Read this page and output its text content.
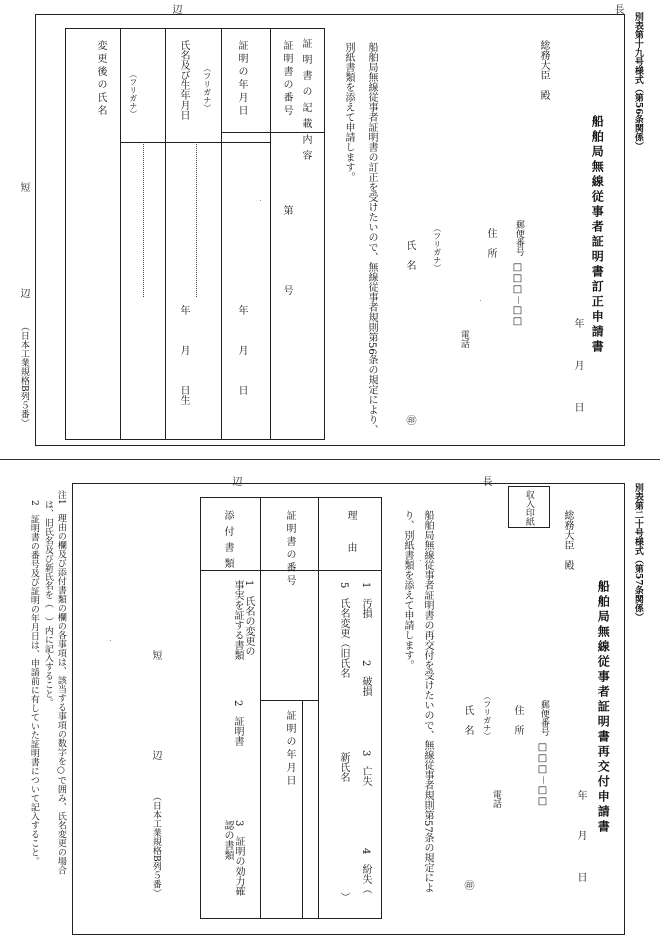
別表第十九号様式（第56条関係）
長
辺
船舶局無線従事者証明書訂正申請書
年
月
日
総務大臣　殿
郵便番号
□□□－□□
住　所
電話
（フリガナ）
氏　名
㊞
船舶局無線従事者証明書の訂正を受けたいので、無線従事者規則第56条の規定により、
別紙書類を添えて申請します。
証明書の記載内容
証明書の番号
第　　　　　　　号
証明の年月日
年　　　月　　　日
（フリガナ）
氏名及び生年月日
年　　　月　　　日生
（フリガナ）
変更後の氏名
短
辺
（日本工業規格B列５番）
別表第二十号様式（第57条関係）
長
辺
船舶局無線従事者証明書再交付申請書
年
月
日
総務大臣　殿
収入印紙
郵便番号
□□□－□□
住　所
電話
（フリガナ）
氏　名
㊞
船舶局無線従事者証明書の再交付を受けたいので、無線従事者規則第57条の規定によ
り、別紙書類を添えて申請します。
理　由
1　汚損
2　破損
3　亡失
4　紛失（
5　氏名変更（旧氏名
新氏名
）
証明書の番号
証明の年月日
添付書類
1　氏名の変更の事実を証する書類
2　証明書
3　証明の効力確認の書類
短
辺
（日本工業規格B列５番）
注1　理由の欄及び添付書類の欄の各事項は、該当する事項の数字を○で囲み、氏名変更の場合
は、旧氏名及び新氏名を（　）内に記入すること。
2　証明書の番号及び証明の年月日は、申請前に有していた証明書について記入すること。
